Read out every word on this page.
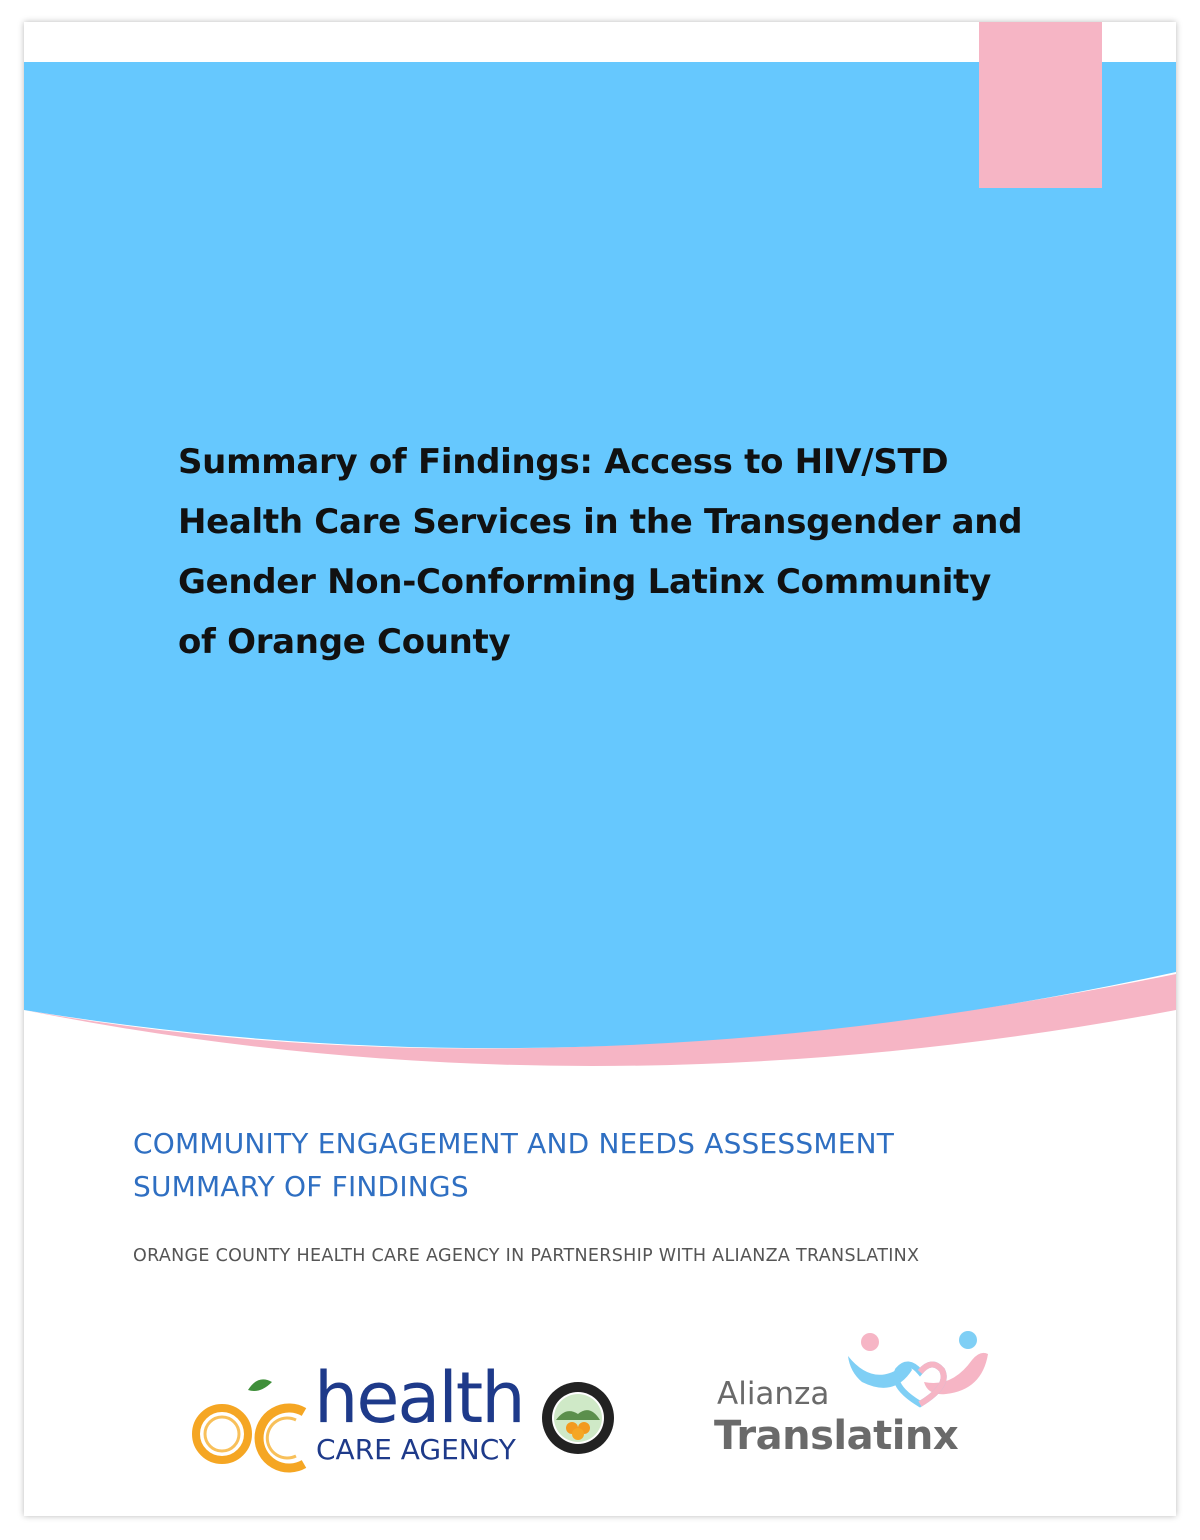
Summary of Findings: Access to HIV/STD
Health Care Services in the Transgender and
Gender Non-Conforming Latinx Community
of Orange County
COMMUNITY ENGAGEMENT AND NEEDS ASSESSMENT
SUMMARY OF FINDINGS
ORANGE COUNTY HEALTH CARE AGENCY IN PARTNERSHIP WITH ALIANZA TRANSLATINX
health
CARE AGENCY
Alianza
Translatinx
